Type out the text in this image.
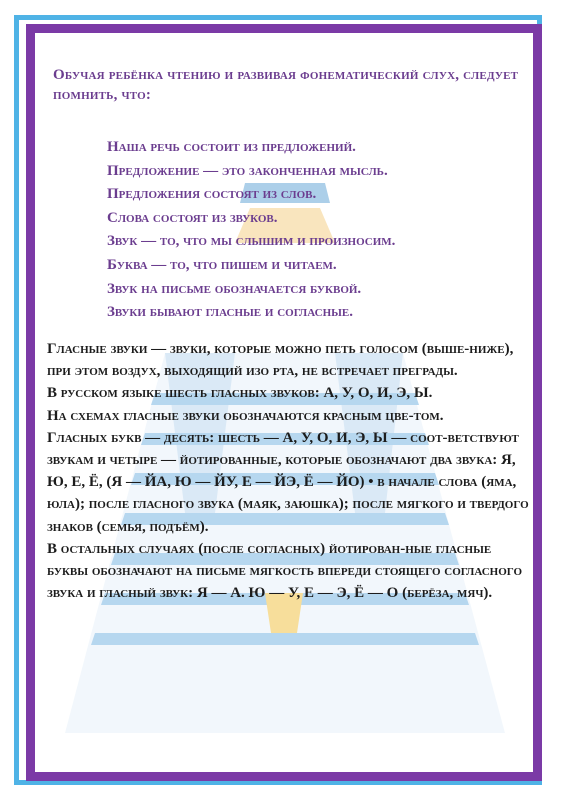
Обучая ребёнка чтению и развивая фонематический слух, следует помнить, что:
Наша речь состоит из предложений.
Предложение — это законченная мысль.
Предложения состоят из слов.
Слова состоят из звуков.
Звук — то, что мы слышим и произносим.
Буква — то, что пишем и читаем.
Звук на письме обозначается буквой.
Звуки бывают гласные и согласные.

Гласные звуки — звуки, которые можно петь голосом (выше-ниже), при этом воздух, выходящий изо рта, не встречает преграды.

В русском языке шесть гласных звуков: А, У, О, И, Э, Ы.

На схемах гласные звуки обозначаются красным цве-том.

Гласных букв — десять: шесть — А, У, О, И, Э, Ы — соот-ветствуют звукам и четыре — йотированные, которые обозначают два звука: Я, Ю, Е, Ё, (Я — ЙА, Ю — ЙУ, Е — ЙЭ, Ё — ЙО) • в начале слова (яма, юла); после гласного звука (маяк, заюшка); после мягкого и твердого знаков (семья, подъём).

В остальных случаях (после согласных) йотирован-ные гласные буквы обозначают на письме мягкость впереди стоящего согласного звука и гласный звук: Я — А. Ю — У, Е — Э, Ё — О (берёза, мяч).
